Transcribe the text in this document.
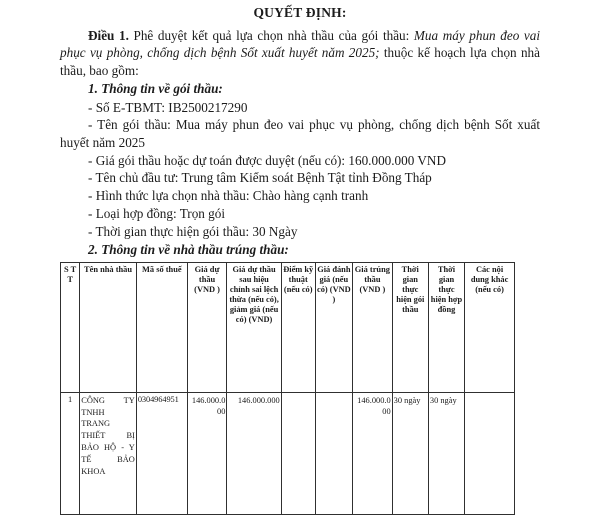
QUYẾT ĐỊNH:

Điều 1. Phê duyệt kết quả lựa chọn nhà thầu của gói thầu: Mua máy phun đeo vai phục vụ phòng, chống dịch bệnh Sốt xuất huyết năm 2025; thuộc kế hoạch lựa chọn nhà thầu, bao gồm:

1. Thông tin về gói thầu:

- Số E-TBMT: IB2500217290

- Tên gói thầu: Mua máy phun đeo vai phục vụ phòng, chống dịch bệnh Sốt xuất huyết năm 2025

- Giá gói thầu hoặc dự toán được duyệt (nếu có): 160.000.000 VND

- Tên chủ đầu tư: Trung tâm Kiểm soát Bệnh Tật tỉnh Đồng Tháp

- Hình thức lựa chọn nhà thầu: Chào hàng cạnh tranh

- Loại hợp đồng: Trọn gói

- Thời gian thực hiện gói thầu: 30 Ngày

2. Thông tin về nhà thầu trúng thầu:

S T T	Tên nhà thầu	Mã số thuế	Giá dự thầu (VND )	Giá dự thầu sau hiệu chỉnh sai lệch thừa (nếu có), giảm giá (nếu có) (VND)	Điểm kỹ thuật (nếu có)	Giá đánh giá (nếu có) (VND )	Giá trúng thầu (VND )	Thời gian thực hiện gói thầu	Thời gian thực hiện hợp đồng	Các nội dung khác (nếu có)
1	CÔNG TY TNHH TRANG THIẾT BỊ BẢO HỘ - Y TẾ BẢO KHOA	0304964951	146.000.000	146.000.000			146.000.000	30 ngày	30 ngày	
